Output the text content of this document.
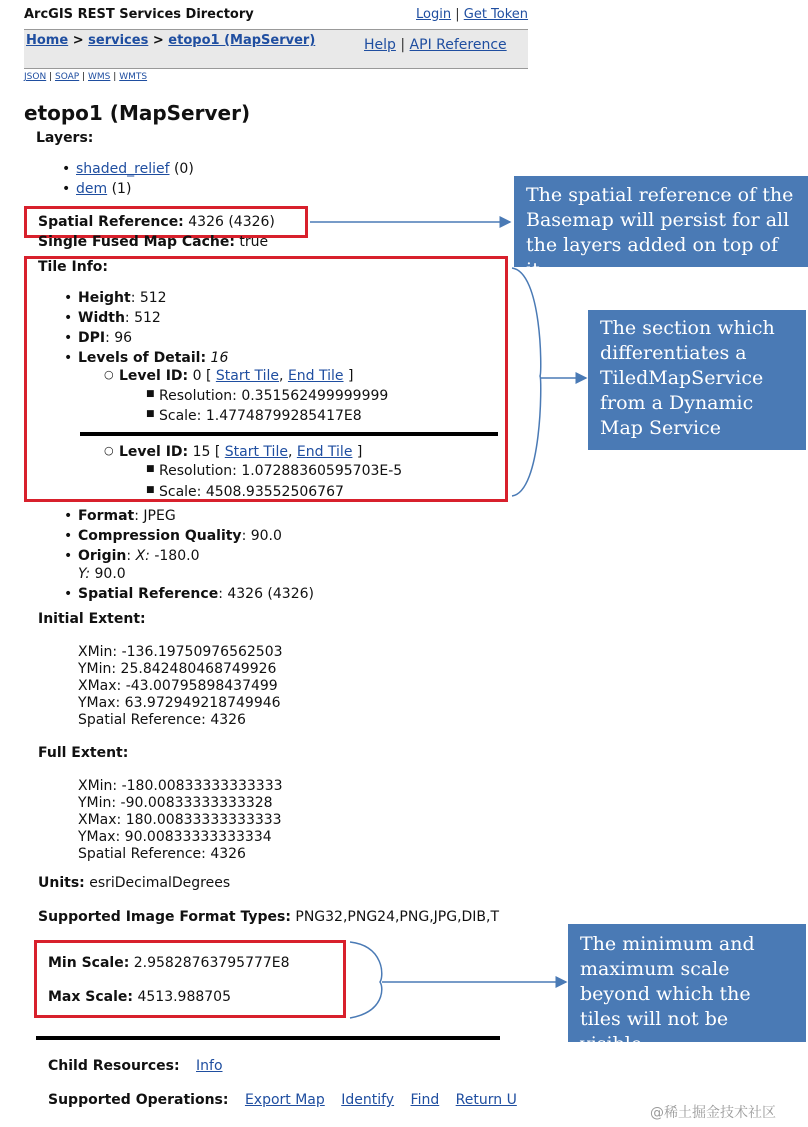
ArcGIS REST Services Directory	Login | Get Token
Home > services > etopo1 (MapServer)	Help | API Reference
JSON | SOAP | WMS | WMTS
etopo1 (MapServer)
Layers:
• shaded_relief (0)
• dem (1)
Spatial Reference: 4326 (4326)
Single Fused Map Cache: true
Tile Info:
• Height: 512
• Width: 512
• DPI: 96
• Levels of Detail: 16
○ Level ID: 0 [ Start Tile, End Tile ]
■ Resolution: 0.351562499999999
■ Scale: 1.47748799285417E8
○ Level ID: 15 [ Start Tile, End Tile ]
■ Resolution: 1.07288360595703E-5
■ Scale: 4508.93552506767
• Format: JPEG
• Compression Quality: 90.0
• Origin: X: -180.0
Y: 90.0
• Spatial Reference: 4326 (4326)
Initial Extent:
XMin: -136.19750976562503
YMin: 25.842480468749926
XMax: -43.00795898437499
YMax: 63.972949218749946
Spatial Reference: 4326
Full Extent:
XMin: -180.00833333333333
YMin: -90.00833333333328
XMax: 180.00833333333333
YMax: 90.00833333333334
Spatial Reference: 4326
Units: esriDecimalDegrees
Supported Image Format Types: PNG32,PNG24,PNG,JPG,DIB,T
Min Scale: 2.95828763795777E8
Max Scale: 4513.988705
Child Resources: Info
Supported Operations: Export Map Identify Find Return U
The spatial reference of the Basemap will persist for all the layers added on top of it
The section which differentiates a TiledMapService from a Dynamic Map Service
The minimum and maximum scale beyond which the tiles will not be visible
@稀土掘金技术社区
